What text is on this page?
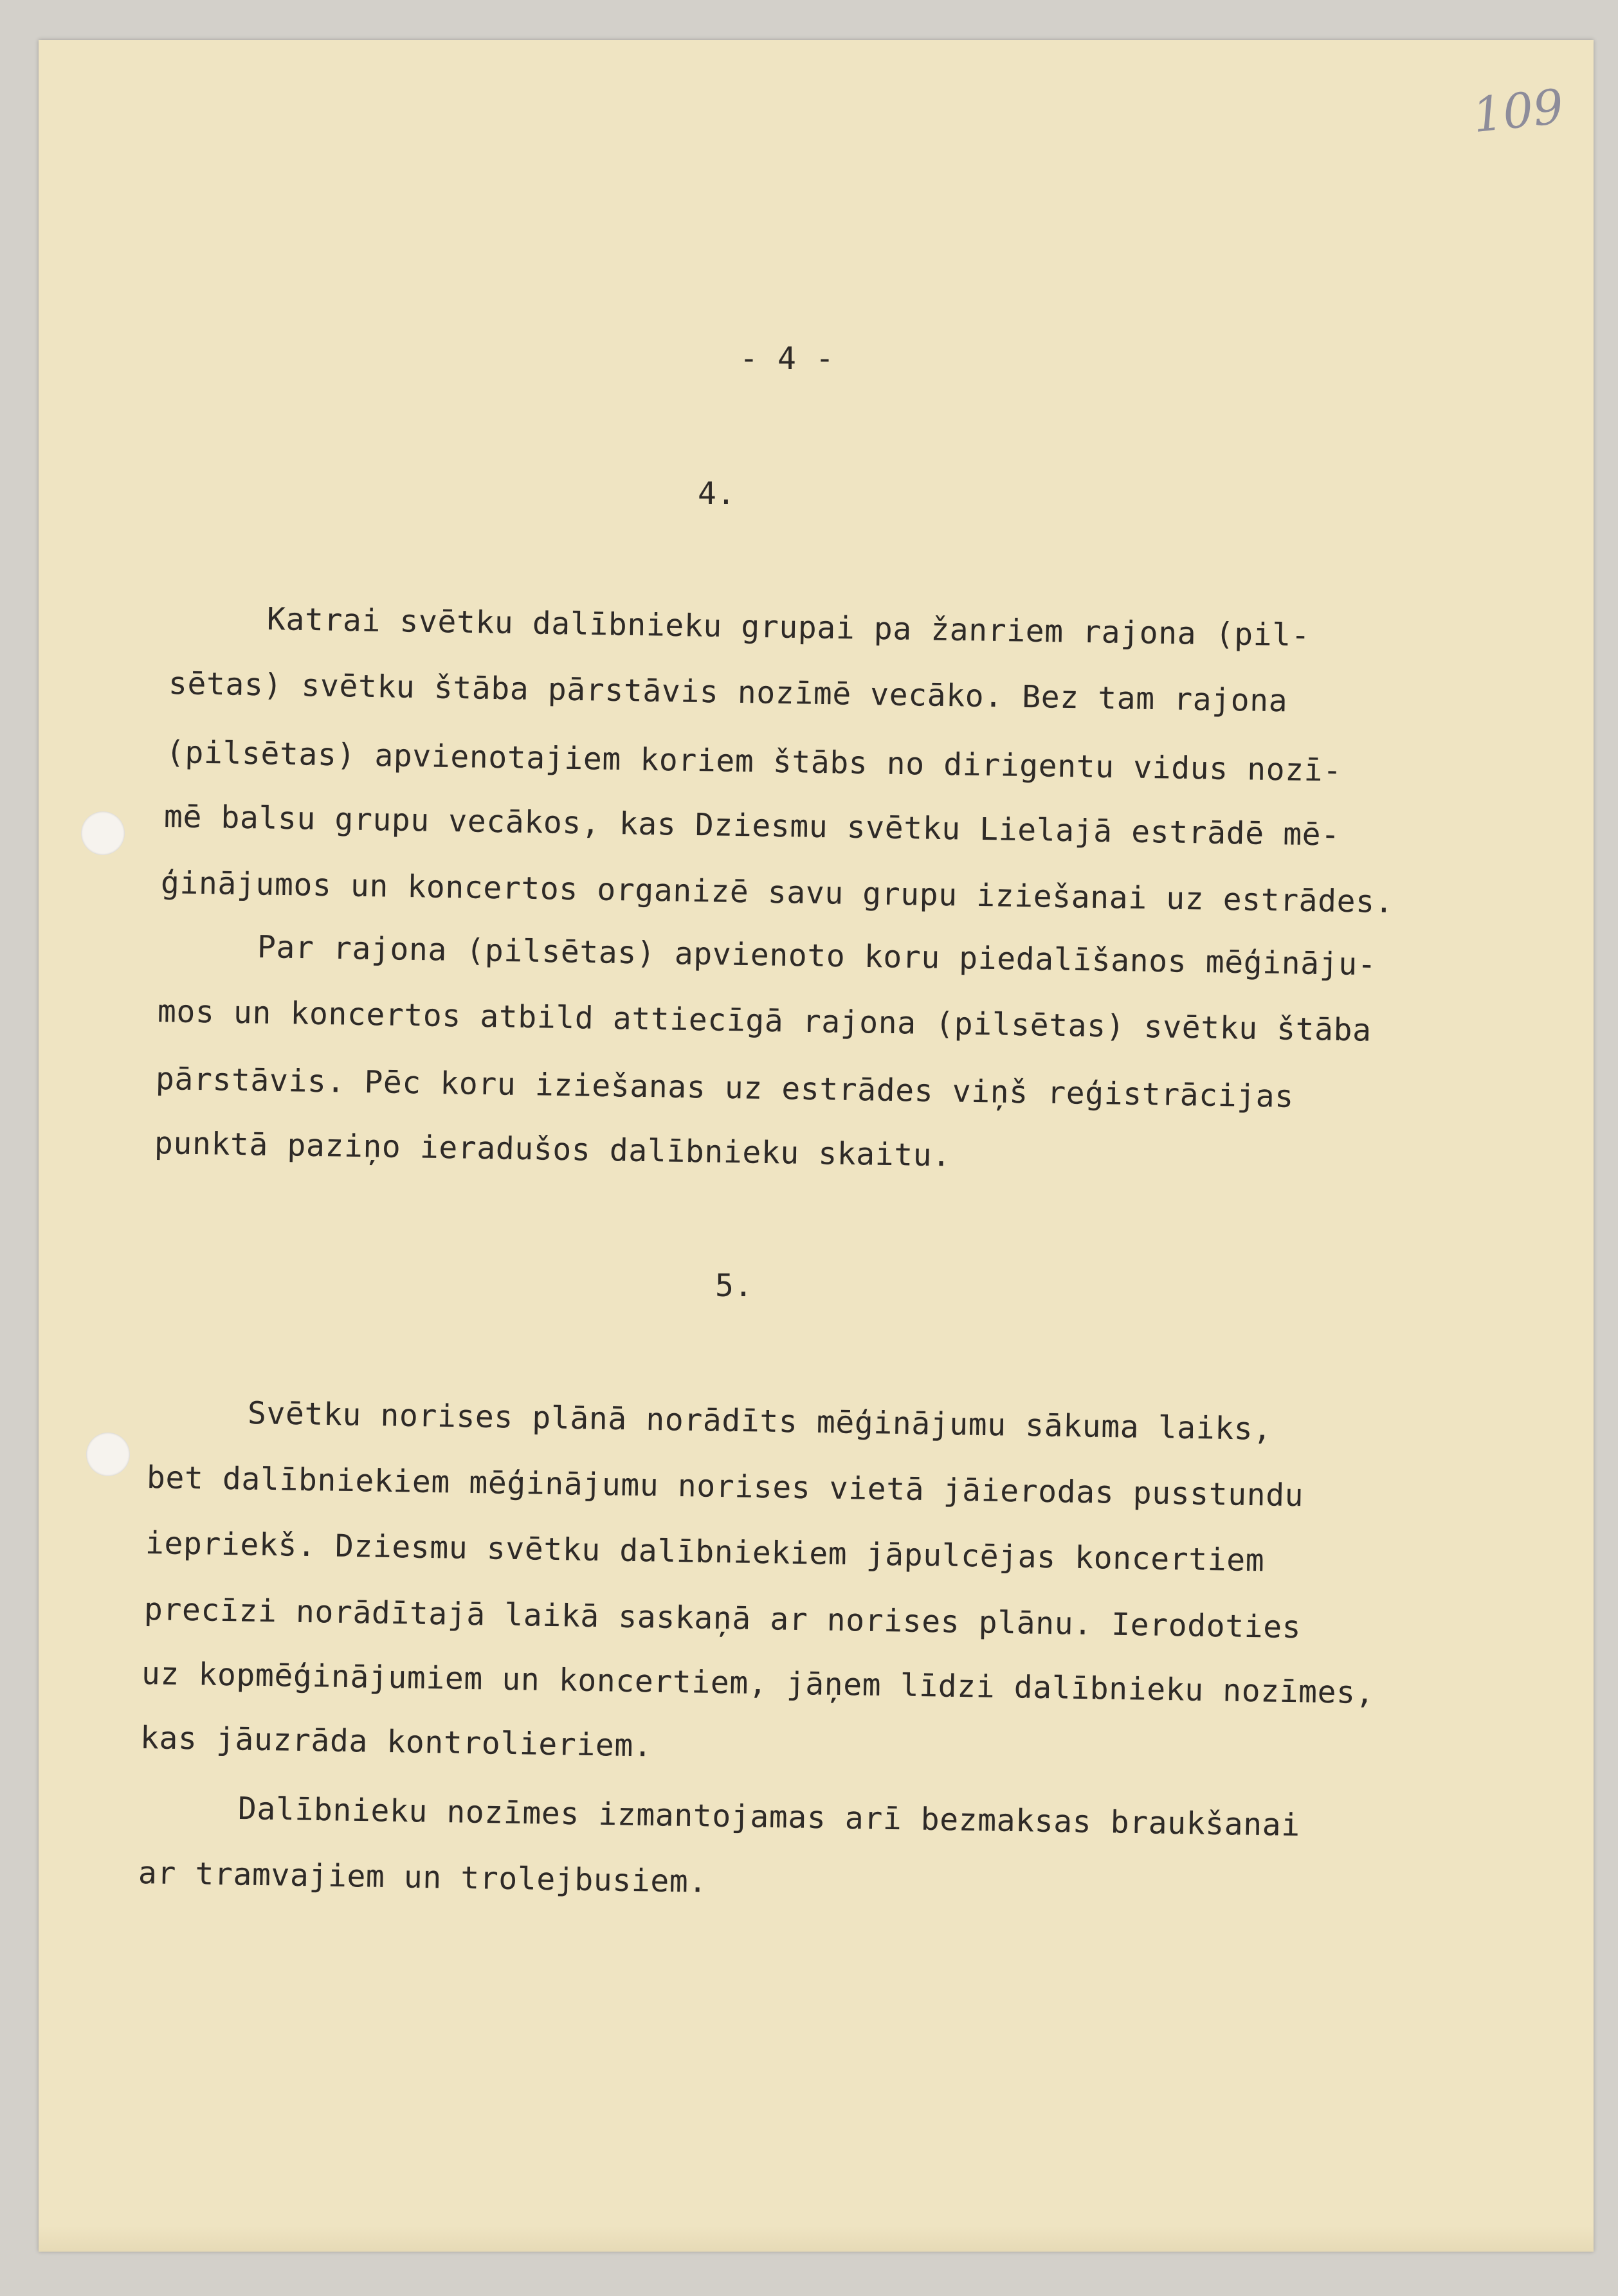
109
- 4 -
4.
Katrai svētku dalībnieku grupai pa žanriem rajona (pil-
sētas) svētku štāba pārstāvis nozīmē vecāko. Bez tam rajona
(pilsētas) apvienotajiem koriem štābs no dirigentu vidus nozī-
mē balsu grupu vecākos, kas Dziesmu svētku Lielajā estrādē mē-
ģinājumos un koncertos organizē savu grupu iziešanai uz estrādes.
Par rajona (pilsētas) apvienoto koru piedalīšanos mēģināju-
mos un koncertos atbild attiecīgā rajona (pilsētas) svētku štāba
pārstāvis. Pēc koru iziešanas uz estrādes viņš reģistrācijas
punktā paziņo ieradušos dalībnieku skaitu.
5.
Svētku norises plānā norādīts mēģinājumu sākuma laiks,
bet dalībniekiem mēģinājumu norises vietā jāierodas pusstundu
iepriekš. Dziesmu svētku dalībniekiem jāpulcējas koncertiem
precīzi norādītajā laikā saskaņā ar norises plānu. Ierodoties
uz kopmēģinājumiem un koncertiem, jāņem līdzi dalībnieku nozīmes,
kas jāuzrāda kontrolieriem.
Dalībnieku nozīmes izmantojamas arī bezmaksas braukšanai
ar tramvajiem un trolejbusiem.
